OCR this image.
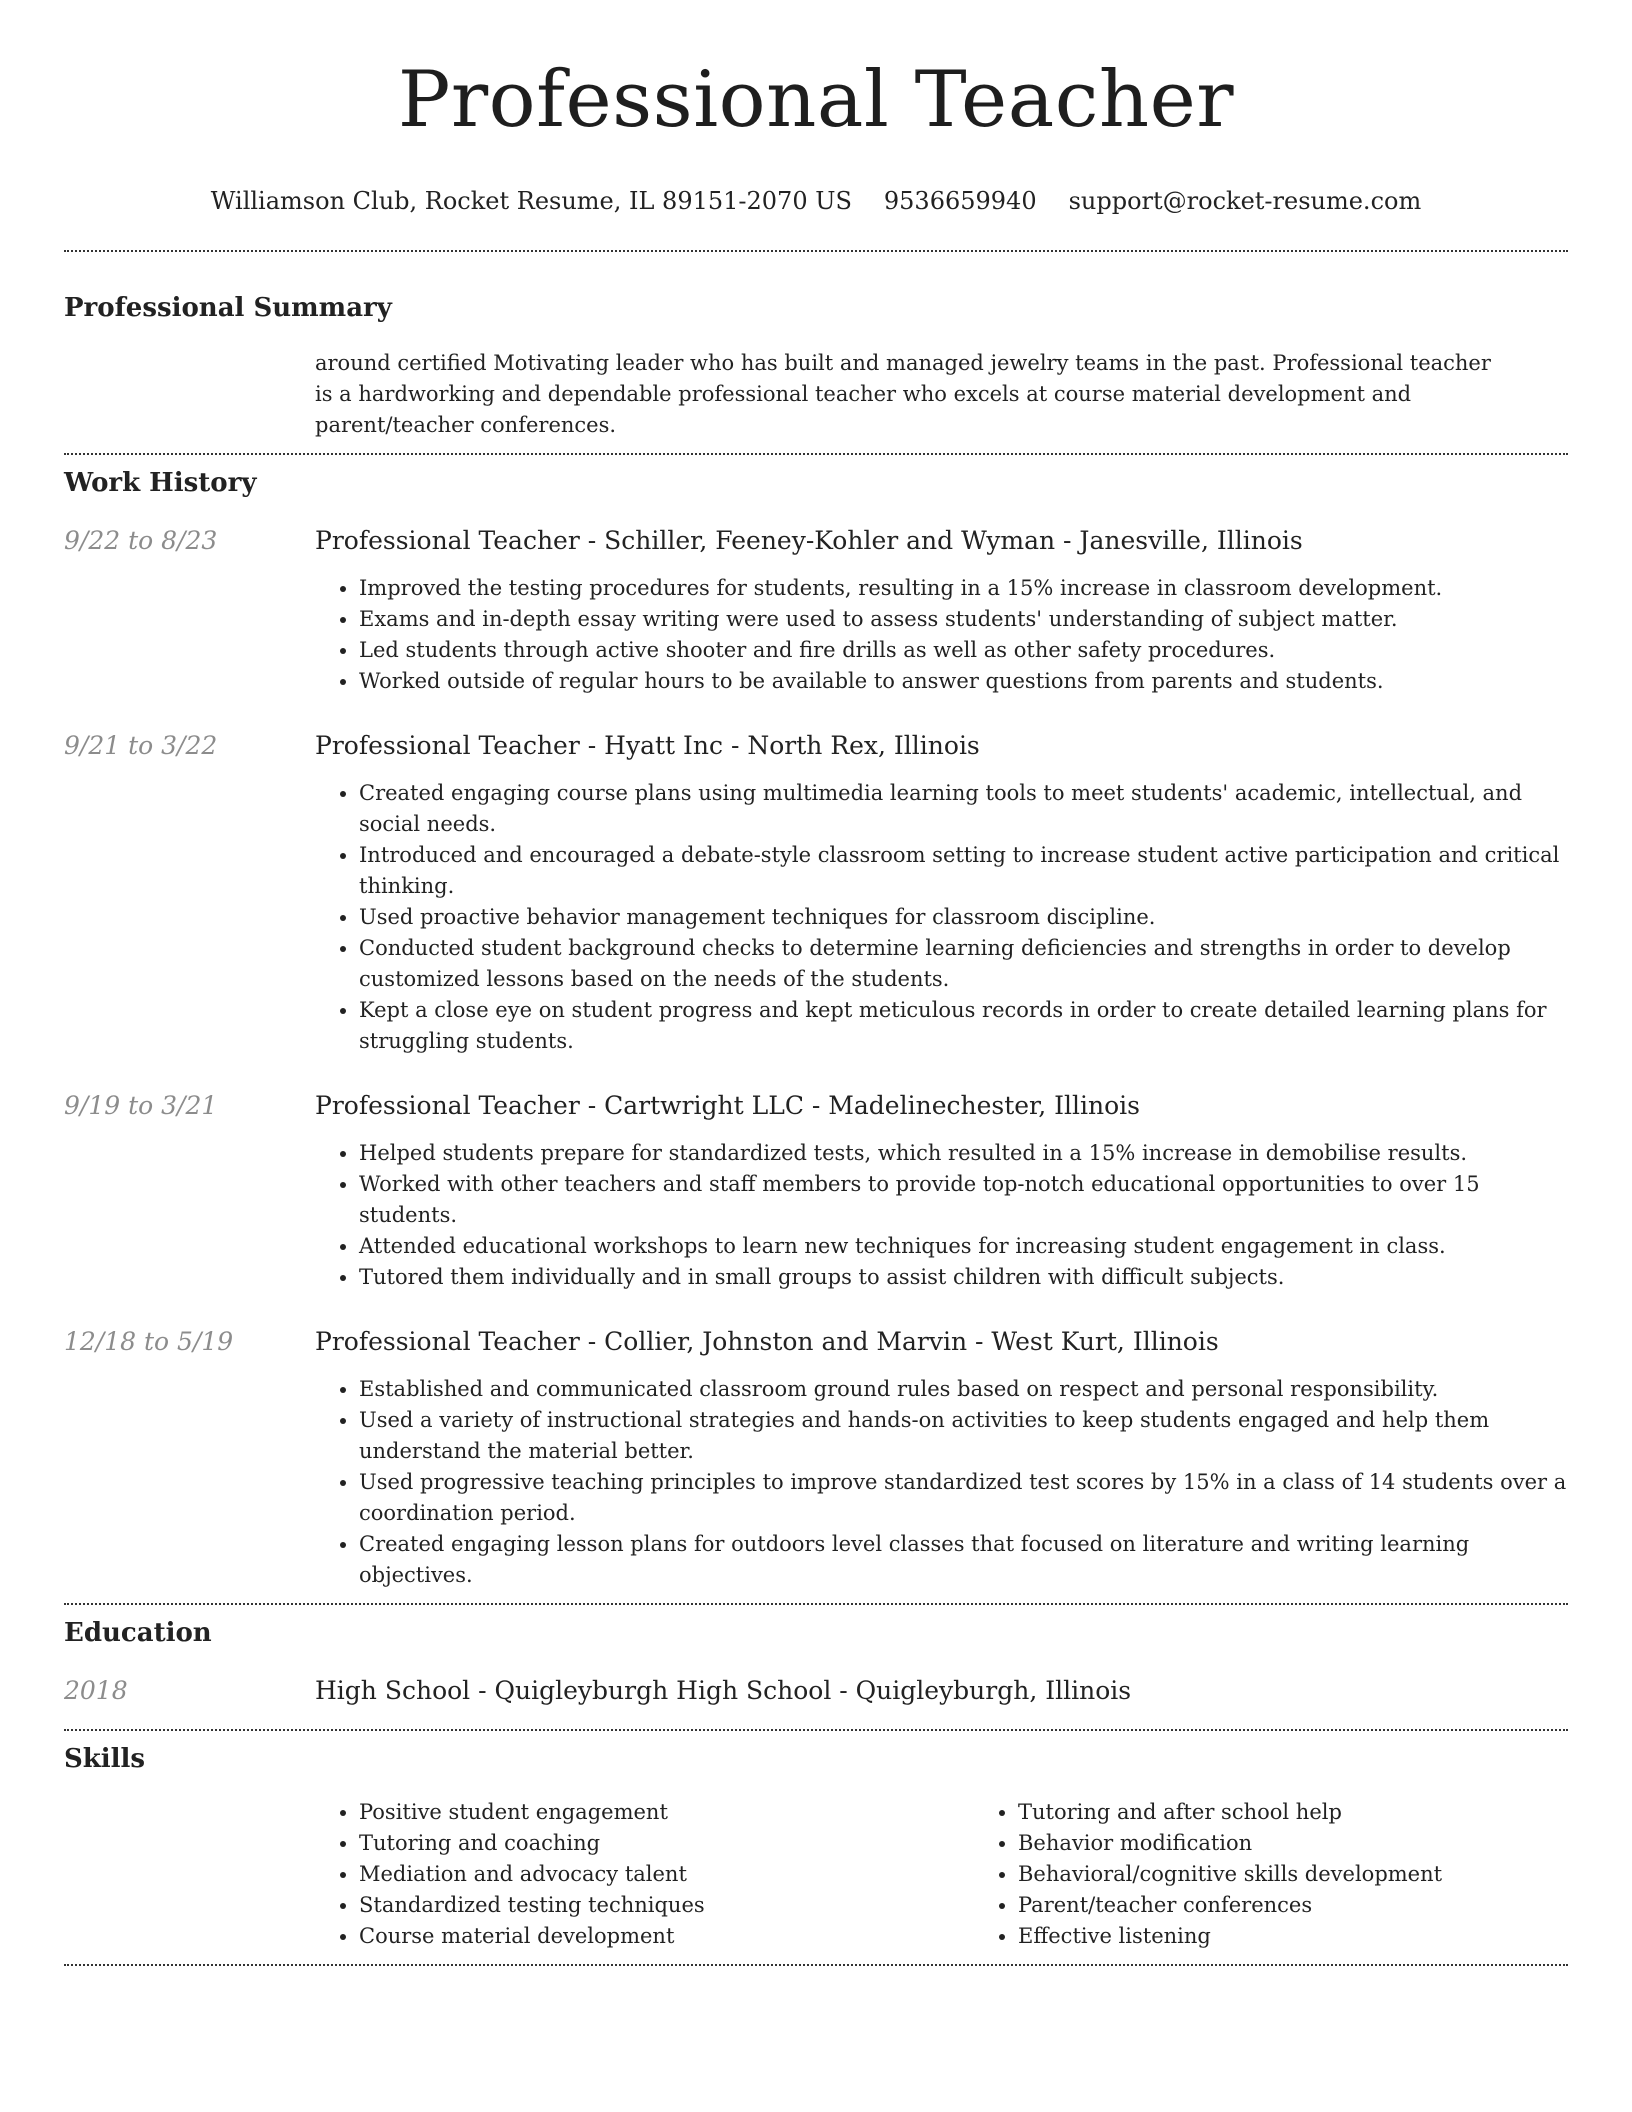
Professional Teacher
Williamson Club, Rocket Resume, IL 89151-2070 US 9536659940 support@rocket-resume.com
Professional Summary
around certified Motivating leader who has built and managed jewelry teams in the past. Professional teacher is a hardworking and dependable professional teacher who excels at course material development and parent/teacher conferences.
Work History
9/22 to 8/23	Professional Teacher - Schiller, Feeney-Kohler and Wyman - Janesville, Illinois
• Improved the testing procedures for students, resulting in a 15% increase in classroom development.
• Exams and in-depth essay writing were used to assess students' understanding of subject matter.
• Led students through active shooter and fire drills as well as other safety procedures.
• Worked outside of regular hours to be available to answer questions from parents and students.
9/21 to 3/22	Professional Teacher - Hyatt Inc - North Rex, Illinois
• Created engaging course plans using multimedia learning tools to meet students' academic, intellectual, and social needs.
• Introduced and encouraged a debate-style classroom setting to increase student active participation and critical thinking.
• Used proactive behavior management techniques for classroom discipline.
• Conducted student background checks to determine learning deficiencies and strengths in order to develop customized lessons based on the needs of the students.
• Kept a close eye on student progress and kept meticulous records in order to create detailed learning plans for struggling students.
9/19 to 3/21	Professional Teacher - Cartwright LLC - Madelinechester, Illinois
• Helped students prepare for standardized tests, which resulted in a 15% increase in demobilise results.
• Worked with other teachers and staff members to provide top-notch educational opportunities to over 15 students.
• Attended educational workshops to learn new techniques for increasing student engagement in class.
• Tutored them individually and in small groups to assist children with difficult subjects.
12/18 to 5/19	Professional Teacher - Collier, Johnston and Marvin - West Kurt, Illinois
• Established and communicated classroom ground rules based on respect and personal responsibility.
• Used a variety of instructional strategies and hands-on activities to keep students engaged and help them understand the material better.
• Used progressive teaching principles to improve standardized test scores by 15% in a class of 14 students over a coordination period.
• Created engaging lesson plans for outdoors level classes that focused on literature and writing learning objectives.
Education
2018	High School - Quigleyburgh High School - Quigleyburgh, Illinois
Skills
• Positive student engagement
• Tutoring and coaching
• Mediation and advocacy talent
• Standardized testing techniques
• Course material development
• Tutoring and after school help
• Behavior modification
• Behavioral/cognitive skills development
• Parent/teacher conferences
• Effective listening
